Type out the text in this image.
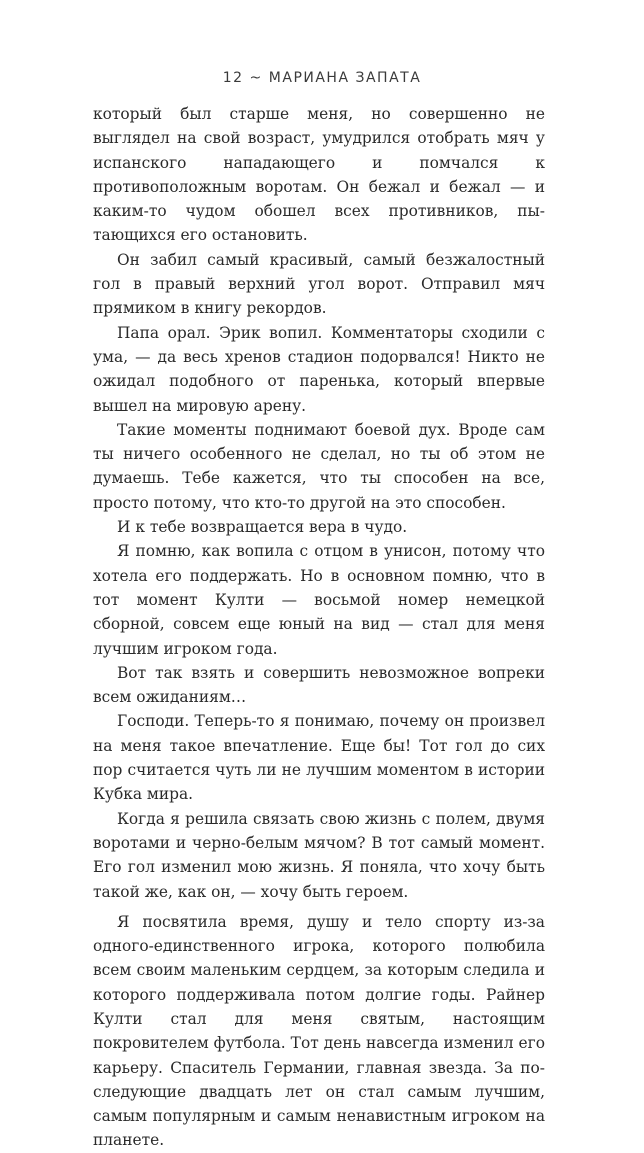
12 ~ МАРИАНА ЗАПАТА

который был старше меня, но совершенно не выглядел на свой возраст, умудрился отобрать мяч у испанского нападающего и помчался к противоположным воротам. Он бежал и бежал — и каким-то чудом обошел всех противников, пытающихся его остановить.

Он забил самый красивый, самый безжалостный гол в правый верхний угол ворот. Отправил мяч прямиком в книгу рекордов.

Папа орал. Эрик вопил. Комментаторы сходили с ума, — да весь хренов стадион подорвался! Никто не ожидал подобного от паренька, который впервые вышел на мировую арену.

Такие моменты поднимают боевой дух. Вроде сам ты ничего особенного не сделал, но ты об этом не думаешь. Тебе кажется, что ты способен на все, просто потому, что кто-то другой на это способен.

И к тебе возвращается вера в чудо.

Я помню, как вопила с отцом в унисон, потому что хотела его поддержать. Но в основном помню, что в тот момент Култи — восьмой номер немецкой сборной, совсем еще юный на вид — стал для меня лучшим игроком года.

Вот так взять и совершить невозможное вопреки всем ожиданиям…

Господи. Теперь-то я понимаю, почему он произвел на меня такое впечатление. Еще бы! Тот гол до сих пор считается чуть ли не лучшим моментом в истории Кубка мира.

Когда я решила связать свою жизнь с полем, двумя воротами и черно-белым мячом? В тот самый момент. Его гол изменил мою жизнь. Я поняла, что хочу быть такой же, как он, — хочу быть героем.

Я посвятила время, душу и тело спорту из-за одного-единственного игрока, которого полюбила всем своим маленьким сердцем, за которым следила и которого поддерживала потом долгие годы. Райнер Култи стал для меня святым, настоящим покровителем футбола. Тот день навсегда изменил его карьеру. Спаситель Германии, главная звезда. За последующие двадцать лет он стал самым лучшим, самым популярным и самым ненавистным игроком на планете.
